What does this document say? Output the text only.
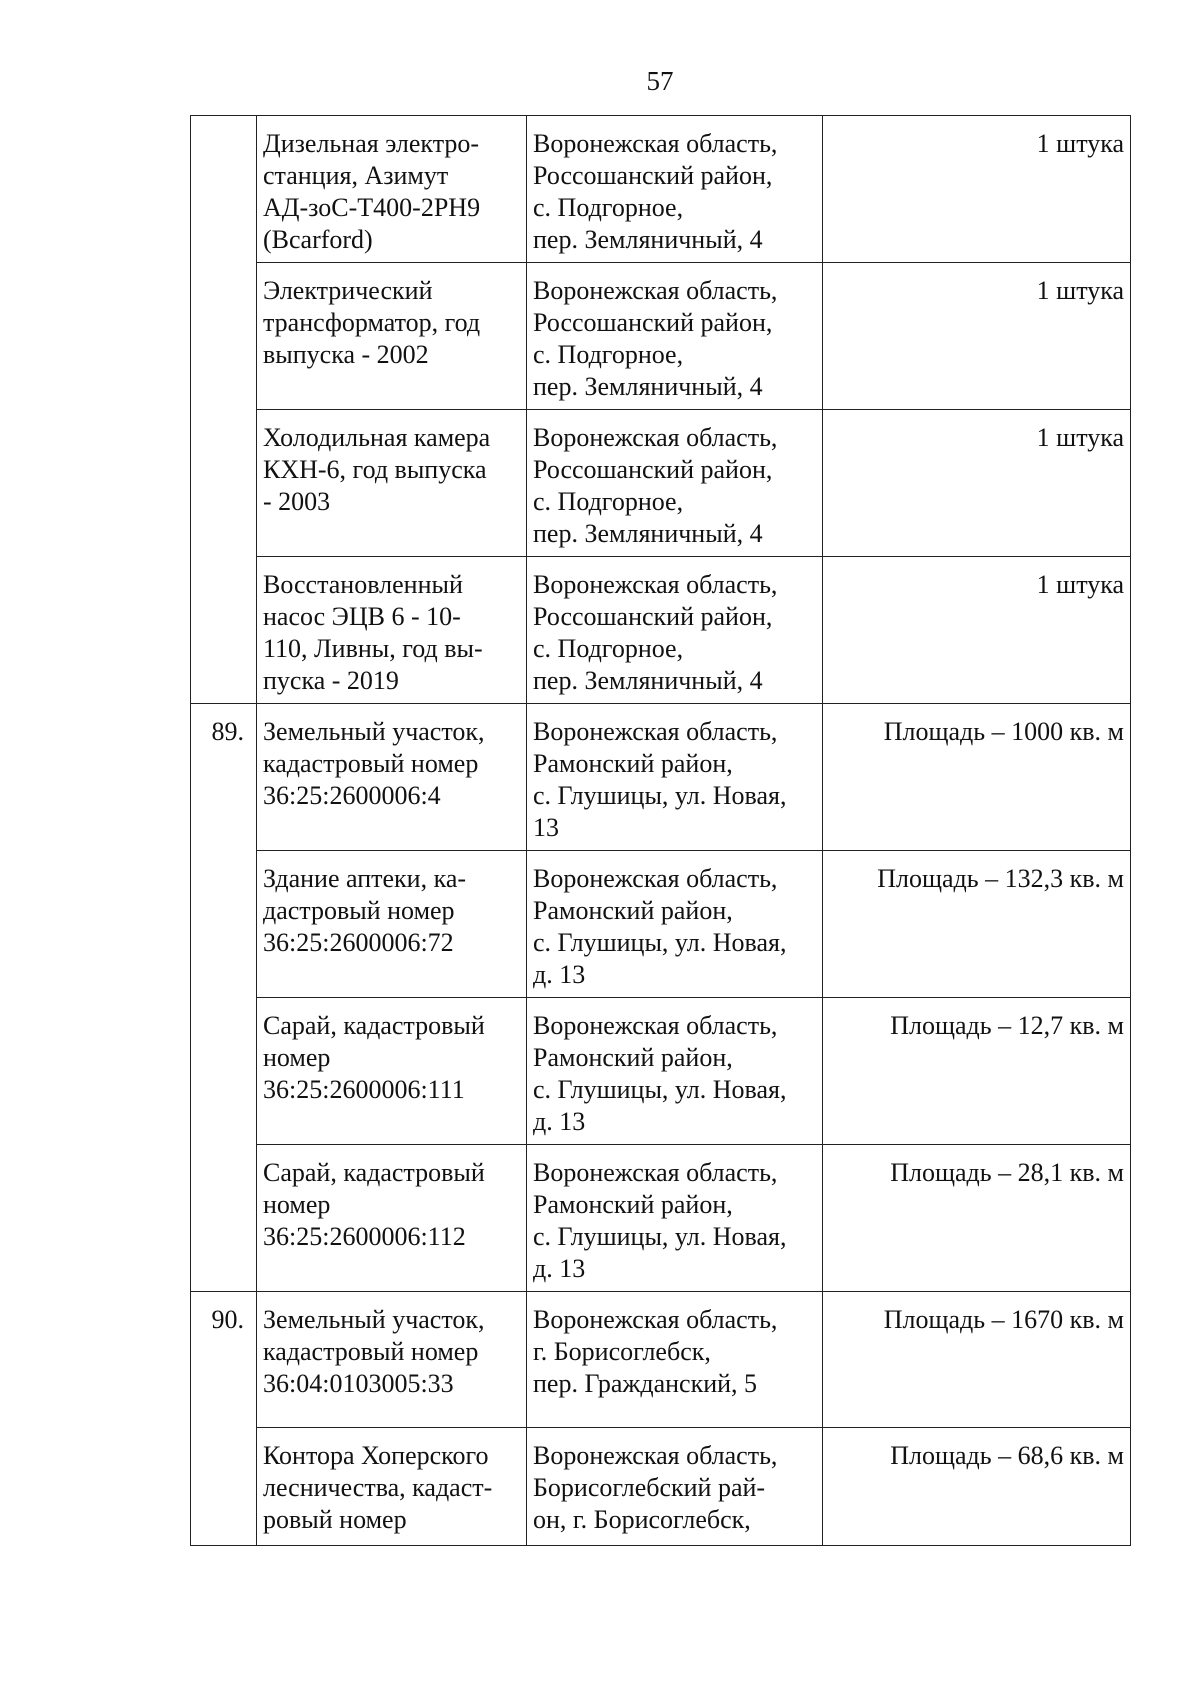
57
	Дизельная электро-
станция, Азимут
АД-зоС-Т400-2РН9
(Bcarford)	Воронежская область,
Россошанский район,
с. Подгорное,
пер. Земляничный, 4	1 штука
	Электрический
трансформатор, год
выпуска - 2002	Воронежская область,
Россошанский район,
с. Подгорное,
пер. Земляничный, 4	1 штука
	Холодильная камера
КХН-6, год выпуска
- 2003	Воронежская область,
Россошанский район,
с. Подгорное,
пер. Земляничный, 4	1 штука
	Восстановленный
насос ЭЦВ 6 - 10-
110, Ливны, год вы-
пуска - 2019	Воронежская область,
Россошанский район,
с. Подгорное,
пер. Земляничный, 4	1 штука
89.	Земельный участок,
кадастровый номер
36:25:2600006:4	Воронежская область,
Рамонский район,
с. Глушицы, ул. Новая,
13	Площадь – 1000 кв. м
	Здание аптеки, ка-
дастровый номер
36:25:2600006:72	Воронежская область,
Рамонский район,
с. Глушицы, ул. Новая,
д. 13	Площадь – 132,3 кв. м
	Сарай, кадастровый
номер
36:25:2600006:111	Воронежская область,
Рамонский район,
с. Глушицы, ул. Новая,
д. 13	Площадь – 12,7 кв. м
	Сарай, кадастровый
номер
36:25:2600006:112	Воронежская область,
Рамонский район,
с. Глушицы, ул. Новая,
д. 13	Площадь – 28,1 кв. м
90.	Земельный участок,
кадастровый номер
36:04:0103005:33	Воронежская область,
г. Борисоглебск,
пер. Гражданский, 5	Площадь – 1670 кв. м
	Контора Хоперского
лесничества, кадаст-
ровый номер	Воронежская область,
Борисоглебский рай-
он, г. Борисоглебск,	Площадь – 68,6 кв. м
